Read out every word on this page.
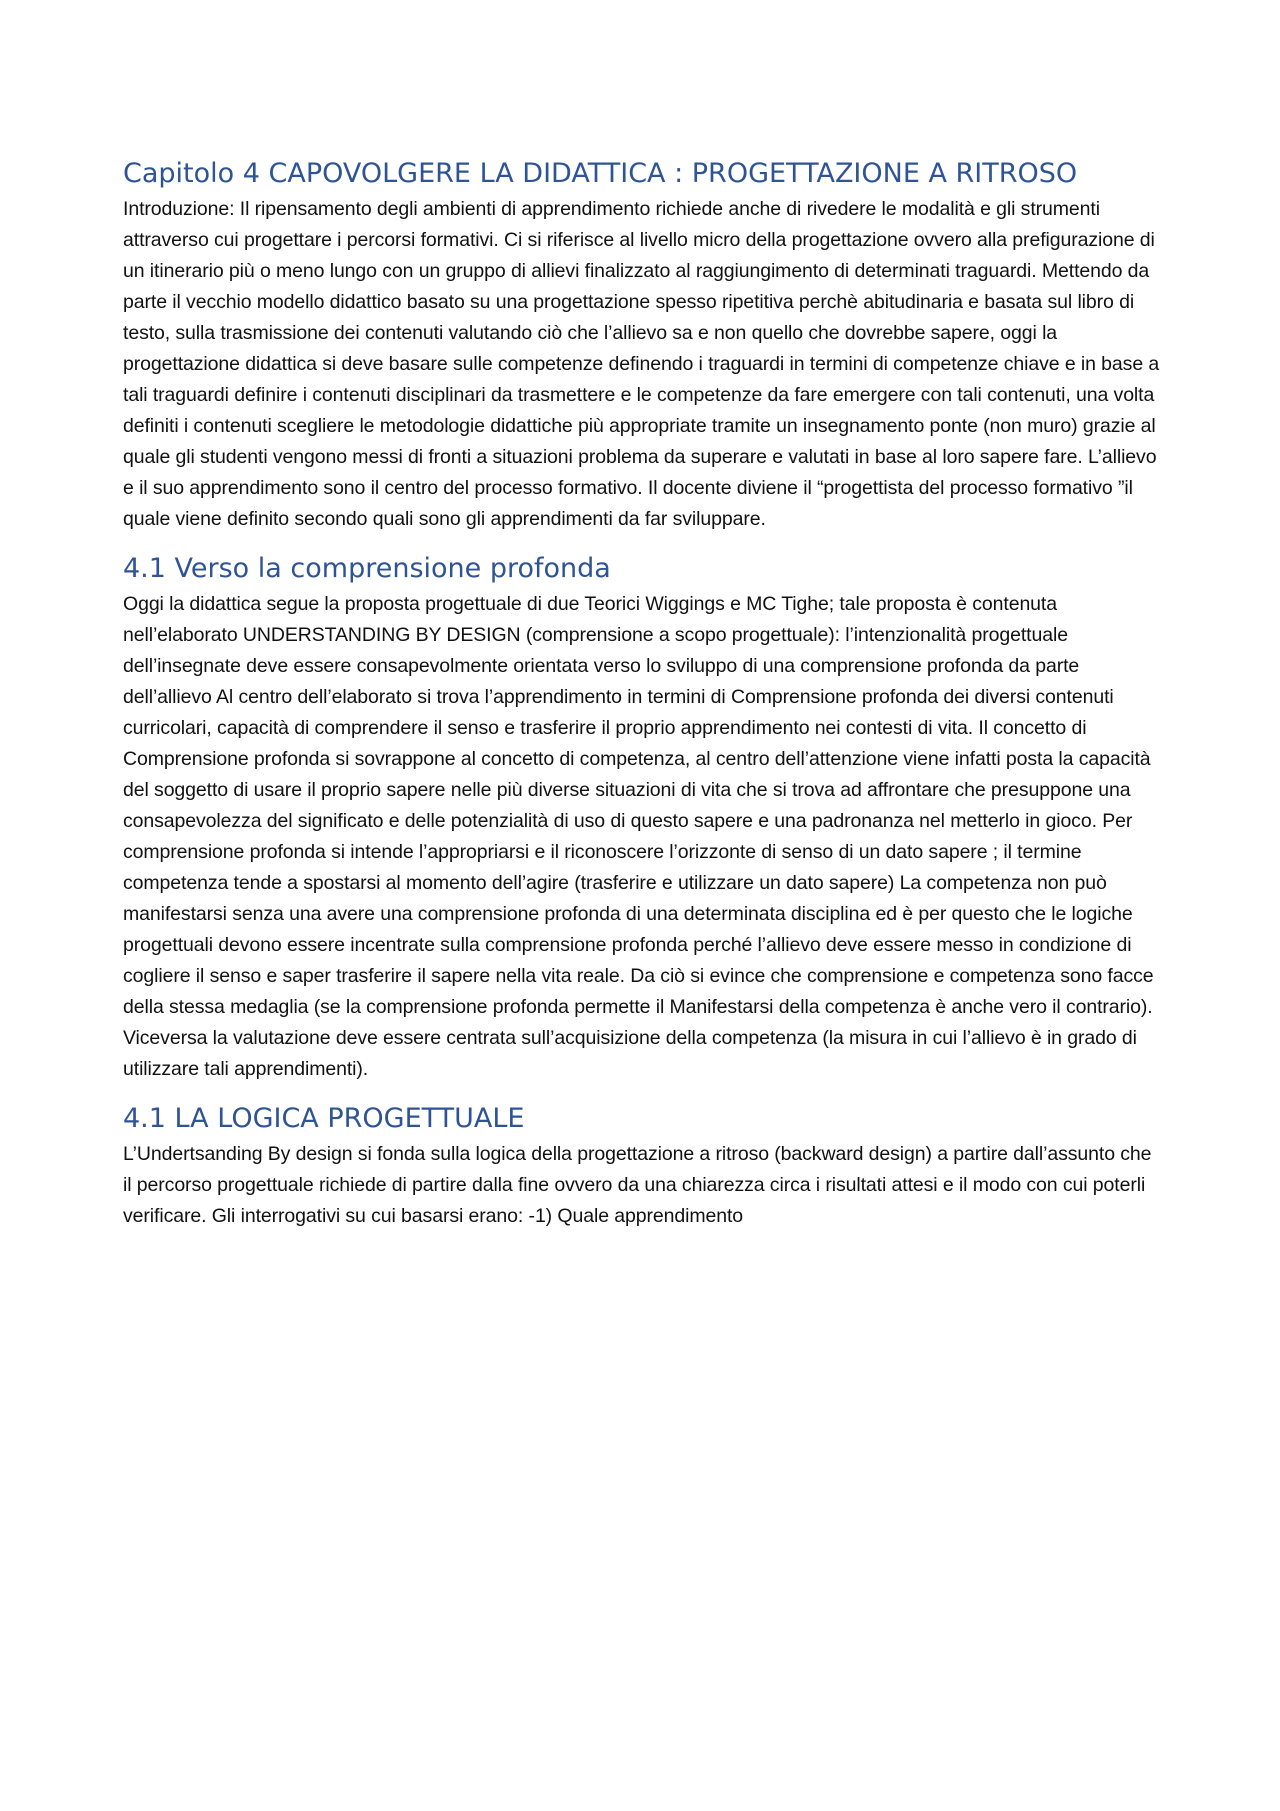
Capitolo 4 CAPOVOLGERE LA DIDATTICA : PROGETTAZIONE A RITROSO

Introduzione: Il ripensamento degli ambienti di apprendimento richiede anche di rivedere le modalità e gli strumenti attraverso cui progettare i percorsi formativi. Ci si riferisce al livello micro della progettazione ovvero alla prefigurazione di un itinerario più o meno lungo con un gruppo di allievi finalizzato al raggiungimento di determinati traguardi. Mettendo da parte il vecchio modello didattico basato su una progettazione spesso ripetitiva perchè abitudinaria e basata sul libro di testo, sulla trasmissione dei contenuti valutando ciò che l’allievo sa e non quello che dovrebbe sapere, oggi la progettazione didattica si deve basare sulle competenze definendo i traguardi in termini di competenze chiave e in base a tali traguardi definire i contenuti disciplinari da trasmettere e le competenze da fare emergere con tali contenuti, una volta definiti i contenuti scegliere le metodologie didattiche più appropriate tramite un insegnamento ponte (non muro) grazie al quale gli studenti vengono messi di fronti a situazioni problema da superare e valutati in base al loro sapere fare. L’allievo e il suo apprendimento sono il centro del processo formativo. Il docente diviene il “progettista del processo formativo ”il quale viene definito secondo quali sono gli apprendimenti da far sviluppare.

4.1 Verso la comprensione profonda

Oggi la didattica segue la proposta progettuale di due Teorici Wiggings e MC Tighe; tale proposta è contenuta nell’elaborato UNDERSTANDING BY DESIGN (comprensione a scopo progettuale): l’intenzionalità progettuale dell’insegnate deve essere consapevolmente orientata verso lo sviluppo di una comprensione profonda da parte dell’allievo Al centro dell’elaborato si trova l’apprendimento in termini di Comprensione profonda dei diversi contenuti curricolari, capacità di comprendere il senso e trasferire il proprio apprendimento nei contesti di vita. Il concetto di Comprensione profonda si sovrappone al concetto di competenza, al centro dell’attenzione viene infatti posta la capacità del soggetto di usare il proprio sapere nelle più diverse situazioni di vita che si trova ad affrontare che presuppone una consapevolezza del significato e delle potenzialità di uso di questo sapere e una padronanza nel metterlo in gioco. Per comprensione profonda si intende l’appropriarsi e il riconoscere l’orizzonte di senso di un dato sapere ; il termine competenza tende a spostarsi al momento dell’agire (trasferire e utilizzare un dato sapere) La competenza non può manifestarsi senza una avere una comprensione profonda di una determinata disciplina ed è per questo che le logiche progettuali devono essere incentrate sulla comprensione profonda perché l’allievo deve essere messo in condizione di cogliere il senso e saper trasferire il sapere nella vita reale. Da ciò si evince che comprensione e competenza sono facce della stessa medaglia (se la comprensione profonda permette il Manifestarsi della competenza è anche vero il contrario). Viceversa la valutazione deve essere centrata sull’acquisizione della competenza (la misura in cui l’allievo è in grado di utilizzare tali apprendimenti).

4.1 LA LOGICA PROGETTUALE

L’Undertsanding By design si fonda sulla logica della progettazione a ritroso (backward design) a partire dall’assunto che il percorso progettuale richiede di partire dalla fine ovvero da una chiarezza circa i risultati attesi e il modo con cui poterli verificare. Gli interrogativi su cui basarsi erano: -1) Quale apprendimento
